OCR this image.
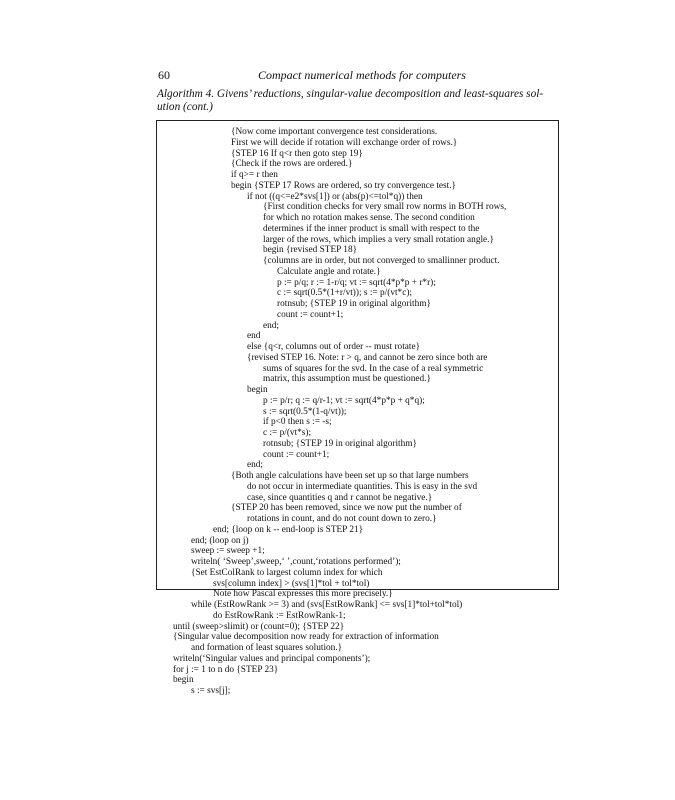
60	Compact numerical methods for computers
Algorithm 4. Givens’ reductions, singular-value decomposition and least-squares sol-
ution (cont.)
{Now come important convergence test considerations.
First we will decide if rotation will exchange order of rows.}
{STEP 16 If q<r then goto step 19}
{Check if the rows are ordered.}
if q>= r then
begin {STEP 17 Rows are ordered, so try convergence test.}
if not ((q<=e2*svs[1]) or (abs(p)<=tol*q)) then
{First condition checks for very small row norms in BOTH rows,
for which no rotation makes sense. The second condition
determines if the inner product is small with respect to the
larger of the rows, which implies a very small rotation angle.}
begin {revised STEP 18}
{columns are in order, but not converged to smallinner product.
Calculate angle and rotate.}
p := p/q; r := 1-r/q; vt := sqrt(4*p*p + r*r);
c := sqrt(0.5*(1+r/vt)); s := p/(vt*c);
rotnsub; {STEP 19 in original algorithm}
count := count+1;
end;
end
else {q<r, columns out of order -- must rotate}
{revised STEP 16. Note: r > q, and cannot be zero since both are
sums of squares for the svd. In the case of a real symmetric
matrix, this assumption must be questioned.}
begin
p := p/r; q := q/r-1; vt := sqrt(4*p*p + q*q);
s := sqrt(0.5*(1-q/vt));
if p<0 then s := -s;
c := p/(vt*s);
rotnsub; {STEP 19 in original algorithm}
count := count+1;
end;
{Both angle calculations have been set up so that large numbers
do not occur in intermediate quantities. This is easy in the svd
case, since quantities q and r cannot be negative.}
{STEP 20 has been removed, since we now put the number of
rotations in count, and do not count down to zero.}
end; {loop on k -- end-loop is STEP 21}
end; (loop on j)
sweep := sweep +1;
writeln( ‘Sweep’,sweep,‘ ’,count,‘rotations performed’);
{Set EstColRank to largest column index for which
svs[column index] > (svs[1]*tol + tol*tol)
Note how Pascal expresses this more precisely.}
while (EstRowRank >= 3) and (svs[EstRowRank] <= svs[1]*tol+tol*tol)
do EstRowRank := EstRowRank-1;
until (sweep>slimit) or (count=0); {STEP 22}
{Singular value decomposition now ready for extraction of information
and formation of least squares solution.}
writeln(‘Singular values and principal components’);
for j := 1 to n do {STEP 23}
begin
s := svs[j];
